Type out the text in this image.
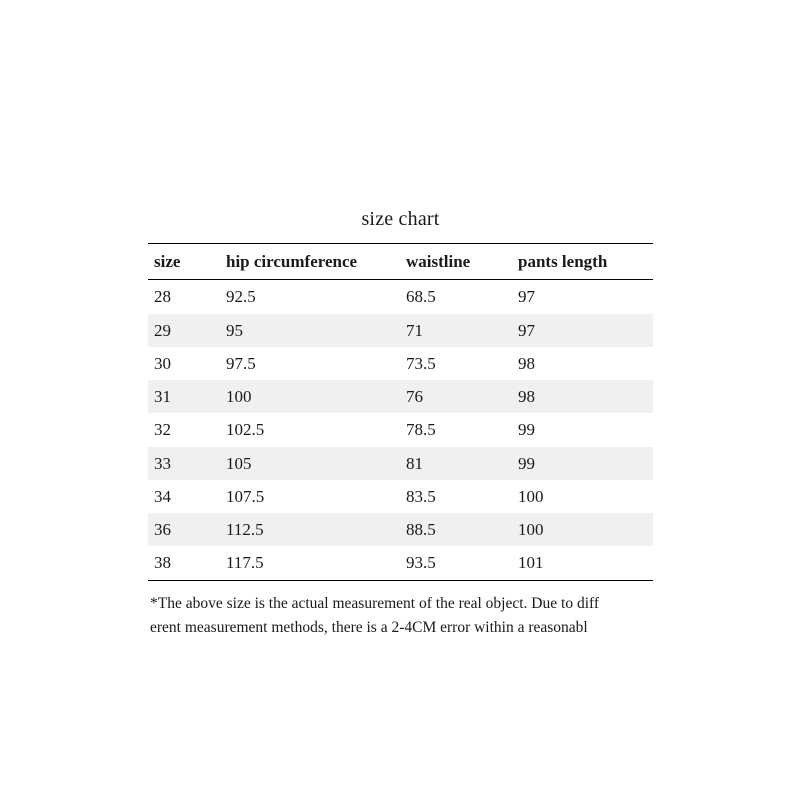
size chart
size	hip circumference	waistline	pants length
28	92.5	68.5	97
29	95	71	97
30	97.5	73.5	98
31	100	76	98
32	102.5	78.5	99
33	105	81	99
34	107.5	83.5	100
36	112.5	88.5	100
38	117.5	93.5	101
*The above size is the actual measurement of the real object. Due to diff
erent measurement methods, there is a 2-4CM error within a reasonabl
